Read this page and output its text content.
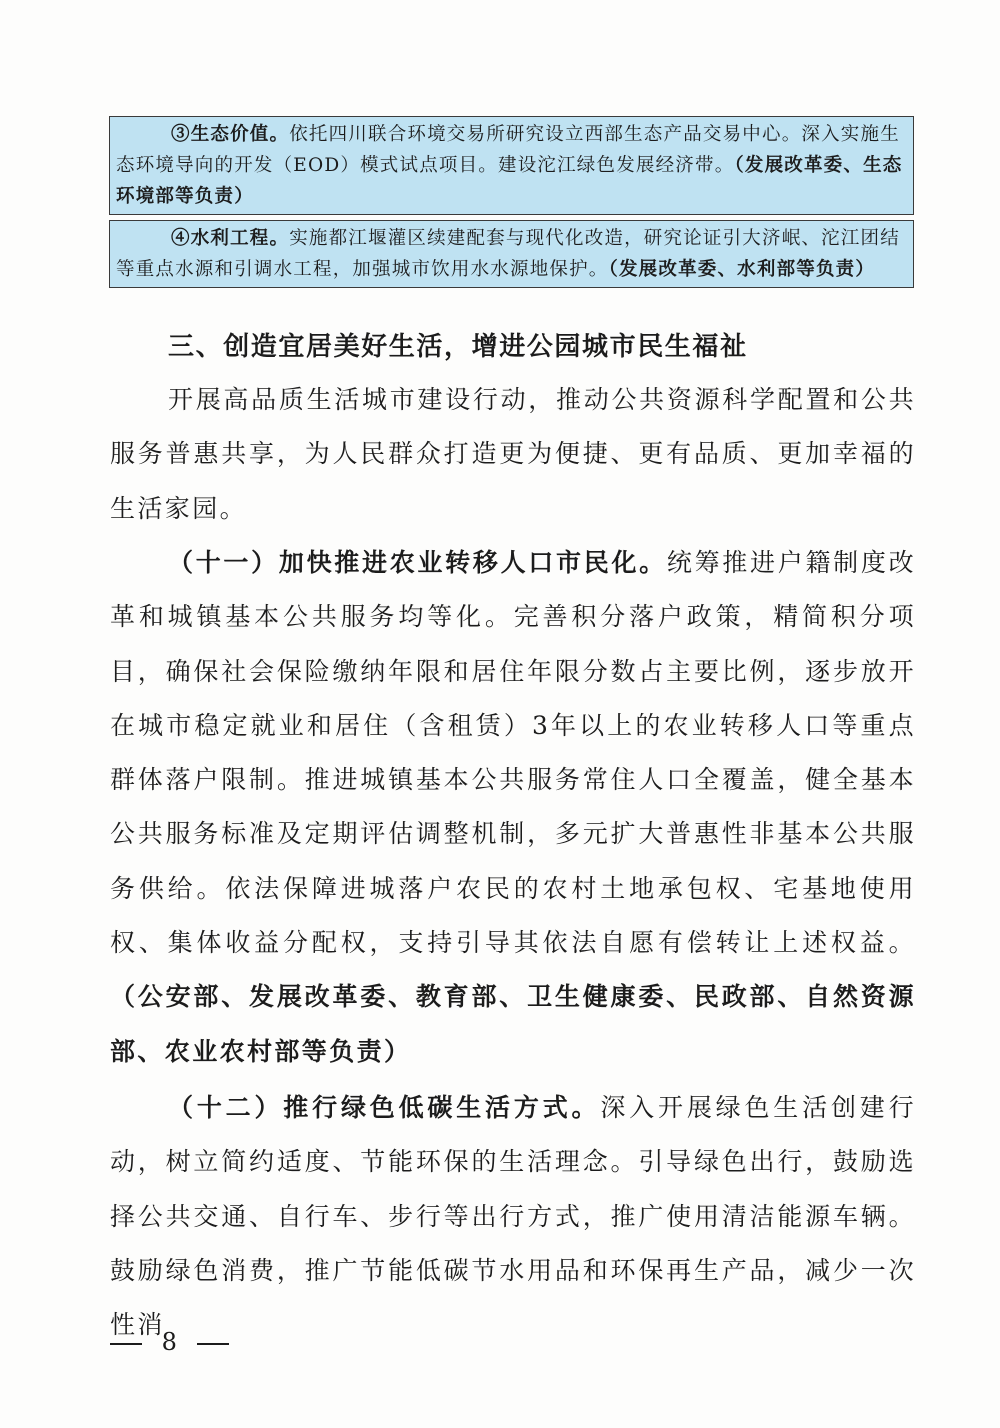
③生态价值。依托四川联合环境交易所研究设立西部生态产品交易中心。深入实施生态环境导向的开发（EOD）模式试点项目。建设沱江绿色发展经济带。（发展改革委、生态环境部等负责）

④水利工程。实施都江堰灌区续建配套与现代化改造，研究论证引大济岷、沱江团结等重点水源和引调水工程，加强城市饮用水水源地保护。（发展改革委、水利部等负责）

三、创造宜居美好生活，增进公园城市民生福祉

开展高品质生活城市建设行动，推动公共资源科学配置和公共服务普惠共享，为人民群众打造更为便捷、更有品质、更加幸福的生活家园。

（十一）加快推进农业转移人口市民化。统筹推进户籍制度改革和城镇基本公共服务均等化。完善积分落户政策，精简积分项目，确保社会保险缴纳年限和居住年限分数占主要比例，逐步放开在城市稳定就业和居住（含租赁）3年以上的农业转移人口等重点群体落户限制。推进城镇基本公共服务常住人口全覆盖，健全基本公共服务标准及定期评估调整机制，多元扩大普惠性非基本公共服务供给。依法保障进城落户农民的农村土地承包权、宅基地使用权、集体收益分配权，支持引导其依法自愿有偿转让上述权益。（公安部、发展改革委、教育部、卫生健康委、民政部、自然资源部、农业农村部等负责）

（十二）推行绿色低碳生活方式。深入开展绿色生活创建行动，树立简约适度、节能环保的生活理念。引导绿色出行，鼓励选择公共交通、自行车、步行等出行方式，推广使用清洁能源车辆。鼓励绿色消费，推广节能低碳节水用品和环保再生产品，减少一次性消

8
